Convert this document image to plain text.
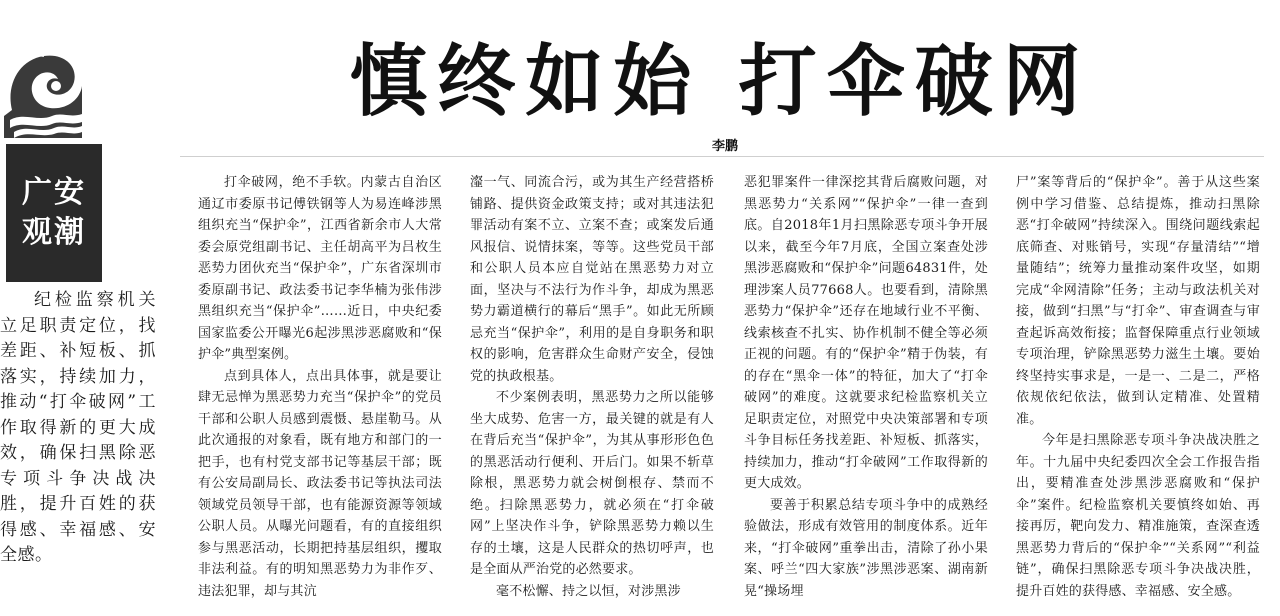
广安
观潮
慎终如始 打伞破网
李鹏

纪检监察机关立足职责定位，找差距、补短板、抓落实，持续加力，推动“打伞破网”工作取得新的更大成效，确保扫黑除恶专项斗争决战决胜，提升百姓的获得感、幸福感、安全感。

打伞破网，绝不手软。内蒙古自治区通辽市委原书记傅铁钢等人为易连峰涉黑组织充当“保护伞”，江西省新余市人大常委会原党组副书记、主任胡高平为吕枚生恶势力团伙充当“保护伞”，广东省深圳市委原副书记、政法委书记李华楠为张伟涉黑组织充当“保护伞”……近日，中央纪委国家监委公开曝光6起涉黑涉恶腐败和“保护伞”典型案例。

点到具体人，点出具体事，就是要让肆无忌惮为黑恶势力充当“保护伞”的党员干部和公职人员感到震慑、悬崖勒马。从此次通报的对象看，既有地方和部门的一把手，也有村党支部书记等基层干部；既有公安局副局长、政法委书记等执法司法领域党员领导干部，也有能源资源等领域公职人员。从曝光问题看，有的直接组织参与黑恶活动，长期把持基层组织，攫取非法利益。有的明知黑恶势力为非作歹、违法犯罪，却与其沆

瀣一气、同流合污，或为其生产经营搭桥铺路、提供资金政策支持；或对其违法犯罪活动有案不立、立案不查；或案发后通风报信、说情抹案，等等。这些党员干部和公职人员本应自觉站在黑恶势力对立面，坚决与不法行为作斗争，却成为黑恶势力霸道横行的幕后“黑手”。如此无所顾忌充当“保护伞”，利用的是自身职务和职权的影响，危害群众生命财产安全，侵蚀党的执政根基。

不少案例表明，黑恶势力之所以能够坐大成势、危害一方，最关键的就是有人在背后充当“保护伞”，为其从事形形色色的黑恶活动行便利、开后门。如果不斩草除根，黑恶势力就会树倒根存、禁而不绝。扫除黑恶势力，就必须在“打伞破网”上坚决作斗争，铲除黑恶势力赖以生存的土壤，这是人民群众的热切呼声，也是全面从严治党的必然要求。

毫不松懈、持之以恒，对涉黑涉

恶犯罪案件一律深挖其背后腐败问题，对黑恶势力“关系网”“保护伞”一律一查到底。自2018年1月扫黑除恶专项斗争开展以来，截至今年7月底，全国立案查处涉黑涉恶腐败和“保护伞”问题64831件，处理涉案人员77668人。也要看到，清除黑恶势力“保护伞”还存在地域行业不平衡、线索核查不扎实、协作机制不健全等必须正视的问题。有的“保护伞”精于伪装，有的存在“黑伞一体”的特征，加大了“打伞破网”的难度。这就要求纪检监察机关立足职责定位，对照党中央决策部署和专项斗争目标任务找差距、补短板、抓落实，持续加力，推动“打伞破网”工作取得新的更大成效。

要善于积累总结专项斗争中的成熟经验做法，形成有效管用的制度体系。近年来，“打伞破网”重拳出击，清除了孙小果案、呼兰“四大家族”涉黑涉恶案、湖南新晃“操场埋

尸”案等背后的“保护伞”。善于从这些案例中学习借鉴、总结提炼，推动扫黑除恶“打伞破网”持续深入。围绕问题线索起底筛查、对账销号，实现“存量清结”“增量随结”；统筹力量推动案件攻坚，如期完成“伞网清除”任务；主动与政法机关对接，做到“扫黑”与“打伞”、审查调查与审查起诉高效衔接；监督保障重点行业领域专项治理，铲除黑恶势力滋生土壤。要始终坚持实事求是，一是一、二是二，严格依规依纪依法，做到认定精准、处置精准。

今年是扫黑除恶专项斗争决战决胜之年。十九届中央纪委四次全会工作报告指出，要精准查处涉黑涉恶腐败和“保护伞”案件。纪检监察机关要慎终如始、再接再厉，靶向发力、精准施策，查深查透黑恶势力背后的“保护伞”“关系网”“利益链”，确保扫黑除恶专项斗争决战决胜，提升百姓的获得感、幸福感、安全感。
